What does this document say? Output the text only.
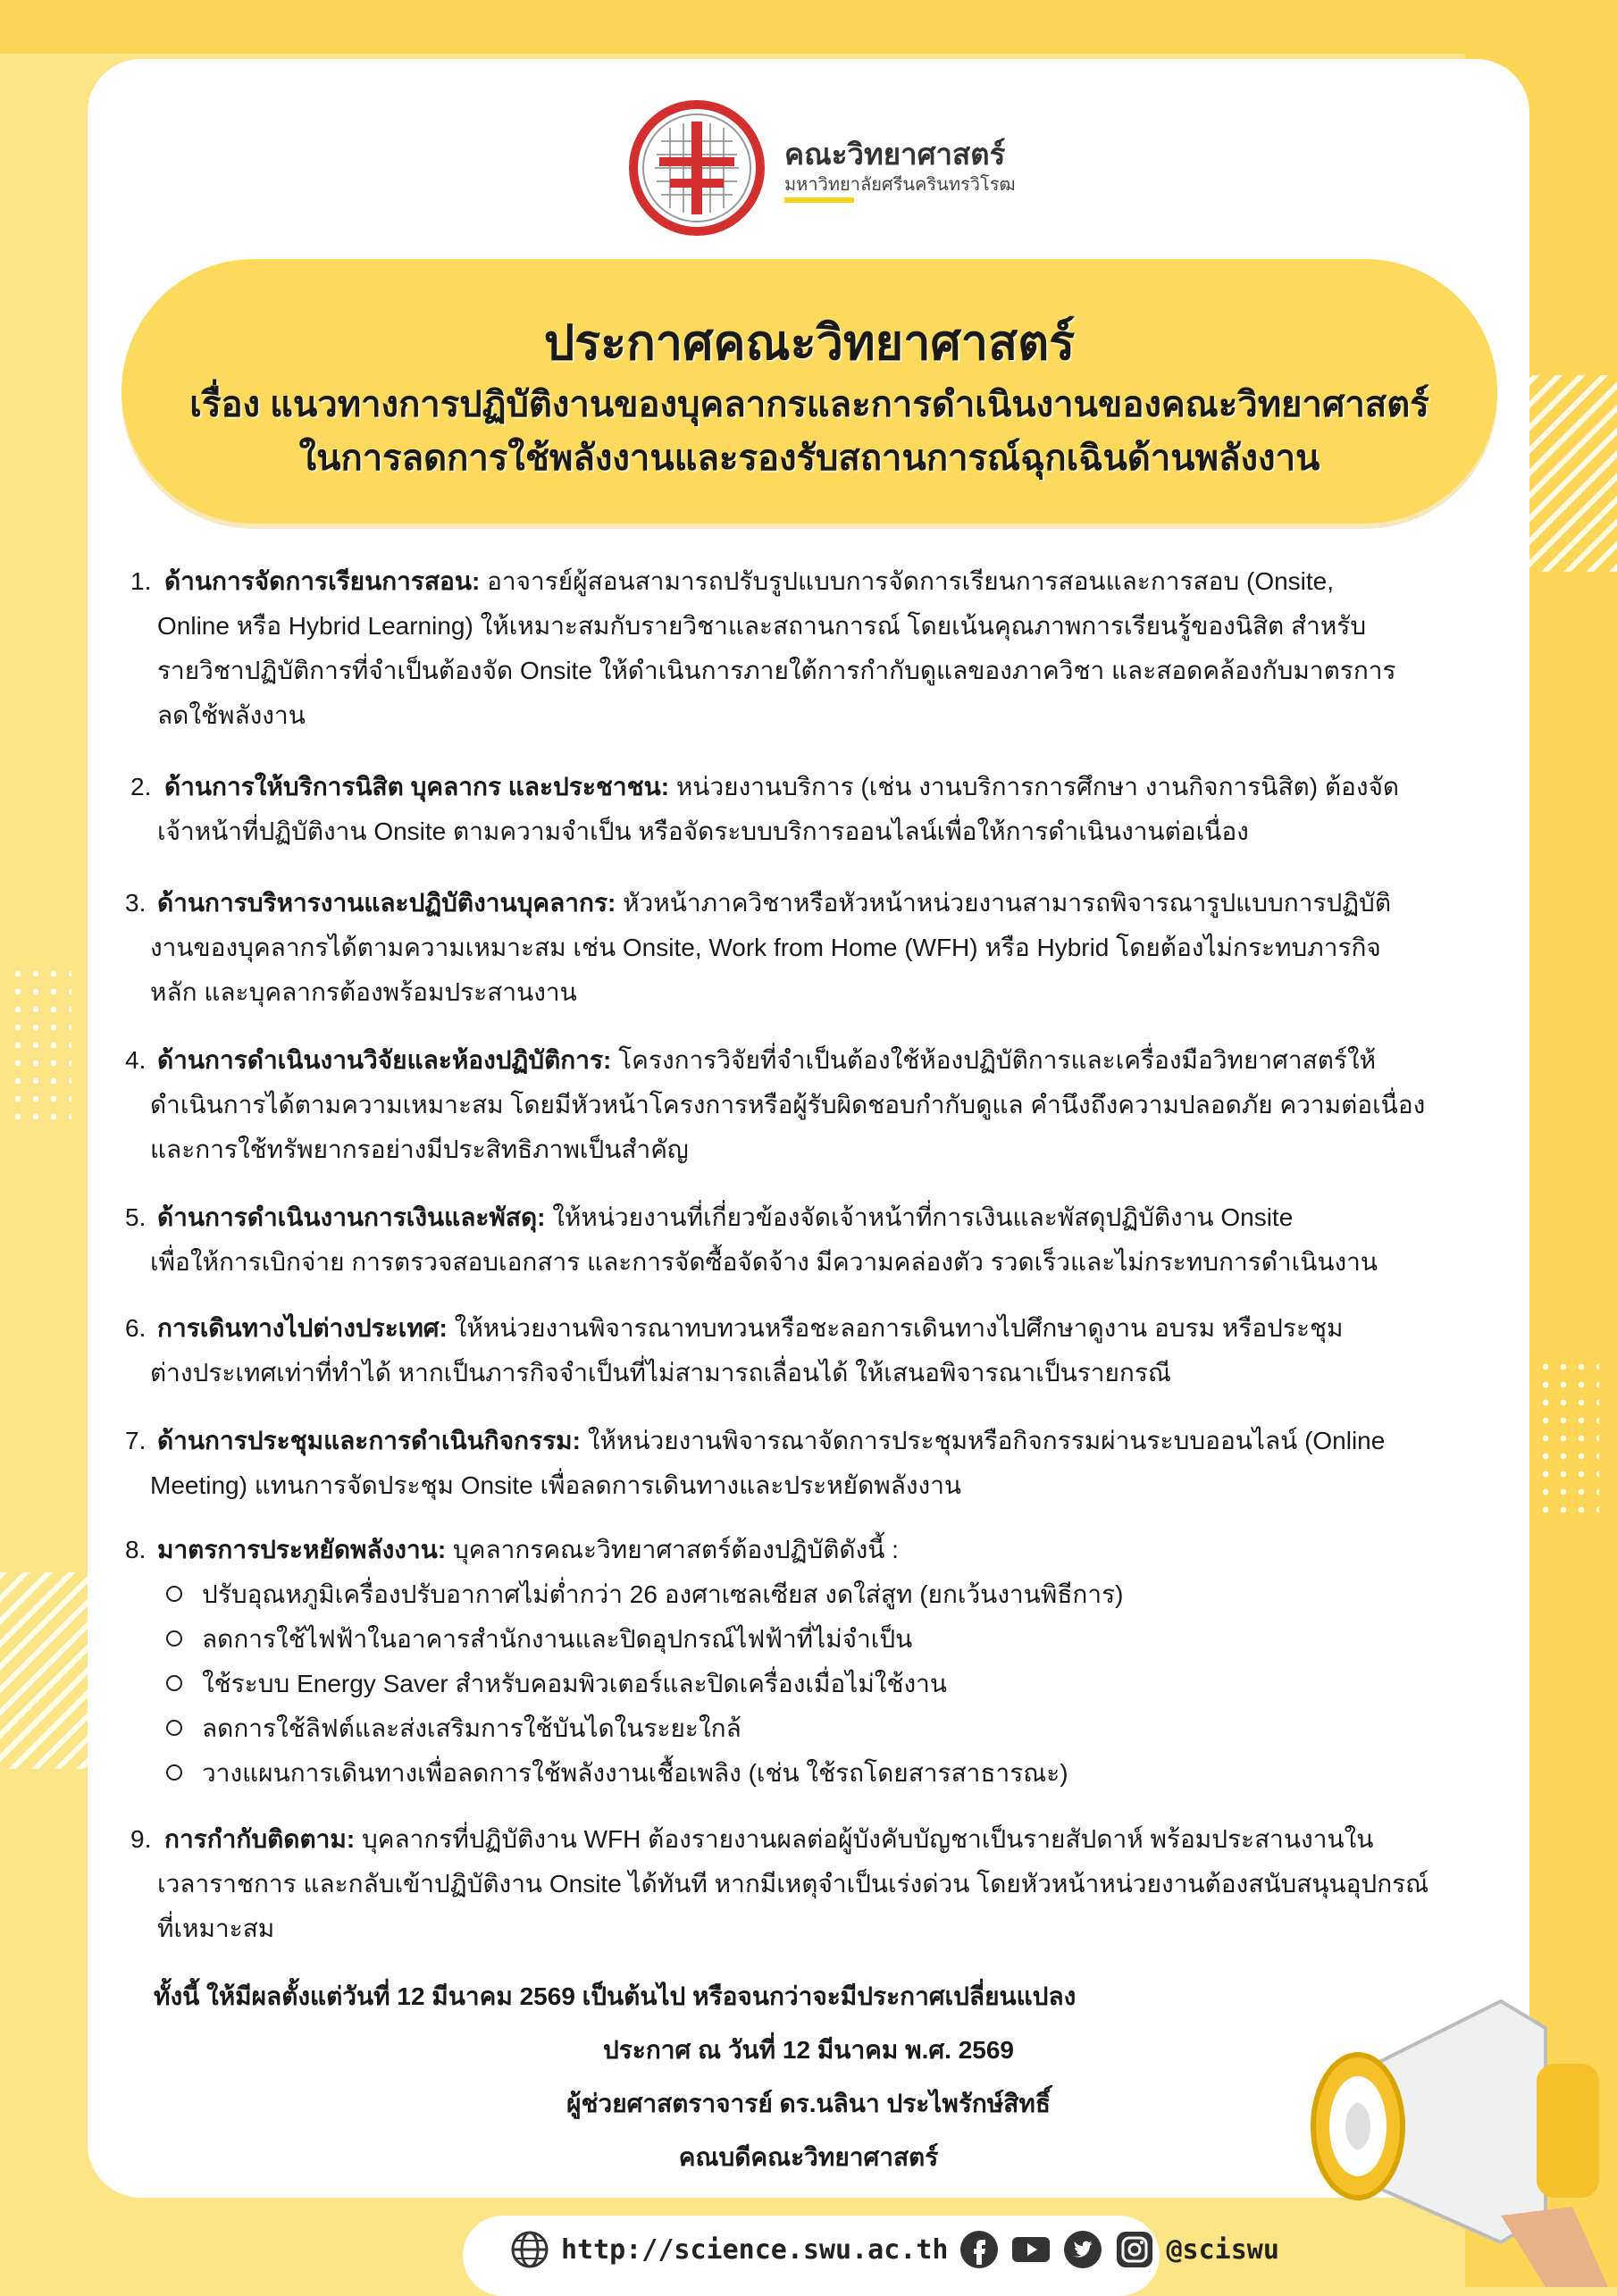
คณะวิทยาศาสตร์
มหาวิทยาลัยศรีนครินทรวิโรฒ
ประกาศคณะวิทยาศาสตร์
เรื่อง แนวทางการปฏิบัติงานของบุคลากรและการดำเนินงานของคณะวิทยาศาสตร์
ในการลดการใช้พลังงานและรองรับสถานการณ์ฉุกเฉินด้านพลังงาน
1. ด้านการจัดการเรียนการสอน: อาจารย์ผู้สอนสามารถปรับรูปแบบการจัดการเรียนการสอนและการสอบ (Onsite,
Online หรือ Hybrid Learning) ให้เหมาะสมกับรายวิชาและสถานการณ์ โดยเน้นคุณภาพการเรียนรู้ของนิสิต สำหรับ
รายวิชาปฏิบัติการที่จำเป็นต้องจัด Onsite ให้ดำเนินการภายใต้การกำกับดูแลของภาควิชา และสอดคล้องกับมาตรการ
ลดใช้พลังงาน
2. ด้านการให้บริการนิสิต บุคลากร และประชาชน: หน่วยงานบริการ (เช่น งานบริการการศึกษา งานกิจการนิสิต) ต้องจัด
เจ้าหน้าที่ปฏิบัติงาน Onsite ตามความจำเป็น หรือจัดระบบบริการออนไลน์เพื่อให้การดำเนินงานต่อเนื่อง
3. ด้านการบริหารงานและปฏิบัติงานบุคลากร: หัวหน้าภาควิชาหรือหัวหน้าหน่วยงานสามารถพิจารณารูปแบบการปฏิบัติ
งานของบุคลากรได้ตามความเหมาะสม เช่น Onsite, Work from Home (WFH) หรือ Hybrid โดยต้องไม่กระทบภารกิจ
หลัก และบุคลากรต้องพร้อมประสานงาน
4. ด้านการดำเนินงานวิจัยและห้องปฏิบัติการ: โครงการวิจัยที่จำเป็นต้องใช้ห้องปฏิบัติการและเครื่องมือวิทยาศาสตร์ให้
ดำเนินการได้ตามความเหมาะสม โดยมีหัวหน้าโครงการหรือผู้รับผิดชอบกำกับดูแล คำนึงถึงความปลอดภัย ความต่อเนื่อง
และการใช้ทรัพยากรอย่างมีประสิทธิภาพเป็นสำคัญ
5. ด้านการดำเนินงานการเงินและพัสดุ: ให้หน่วยงานที่เกี่ยวข้องจัดเจ้าหน้าที่การเงินและพัสดุปฏิบัติงาน Onsite
เพื่อให้การเบิกจ่าย การตรวจสอบเอกสาร และการจัดซื้อจัดจ้าง มีความคล่องตัว รวดเร็วและไม่กระทบการดำเนินงาน
6. การเดินทางไปต่างประเทศ: ให้หน่วยงานพิจารณาทบทวนหรือชะลอการเดินทางไปศึกษาดูงาน อบรม หรือประชุม
ต่างประเทศเท่าที่ทำได้ หากเป็นภารกิจจำเป็นที่ไม่สามารถเลื่อนได้ ให้เสนอพิจารณาเป็นรายกรณี
7. ด้านการประชุมและการดำเนินกิจกรรม: ให้หน่วยงานพิจารณาจัดการประชุมหรือกิจกรรมผ่านระบบออนไลน์ (Online
Meeting) แทนการจัดประชุม Onsite เพื่อลดการเดินทางและประหยัดพลังงาน
8. มาตรการประหยัดพลังงาน: บุคลากรคณะวิทยาศาสตร์ต้องปฏิบัติดังนี้ :
ปรับอุณหภูมิเครื่องปรับอากาศไม่ต่ำกว่า 26 องศาเซลเซียส งดใส่สูท (ยกเว้นงานพิธีการ)
ลดการใช้ไฟฟ้าในอาคารสำนักงานและปิดอุปกรณ์ไฟฟ้าที่ไม่จำเป็น
ใช้ระบบ Energy Saver สำหรับคอมพิวเตอร์และปิดเครื่องเมื่อไม่ใช้งาน
ลดการใช้ลิฟต์และส่งเสริมการใช้บันไดในระยะใกล้
วางแผนการเดินทางเพื่อลดการใช้พลังงานเชื้อเพลิง (เช่น ใช้รถโดยสารสาธารณะ)
9. การกำกับติดตาม: บุคลากรที่ปฏิบัติงาน WFH ต้องรายงานผลต่อผู้บังคับบัญชาเป็นรายสัปดาห์ พร้อมประสานงานใน
เวลาราชการ และกลับเข้าปฏิบัติงาน Onsite ได้ทันที หากมีเหตุจำเป็นเร่งด่วน โดยหัวหน้าหน่วยงานต้องสนับสนุนอุปกรณ์
ที่เหมาะสม
ทั้งนี้ ให้มีผลตั้งแต่วันที่ 12 มีนาคม 2569 เป็นต้นไป หรือจนกว่าจะมีประกาศเปลี่ยนแปลง
ประกาศ ณ วันที่ 12 มีนาคม พ.ศ. 2569
ผู้ช่วยศาสตราจารย์ ดร.นลินา ประไพรักษ์สิทธิ์
คณบดีคณะวิทยาศาสตร์
http://science.swu.ac.th	@sciswu
